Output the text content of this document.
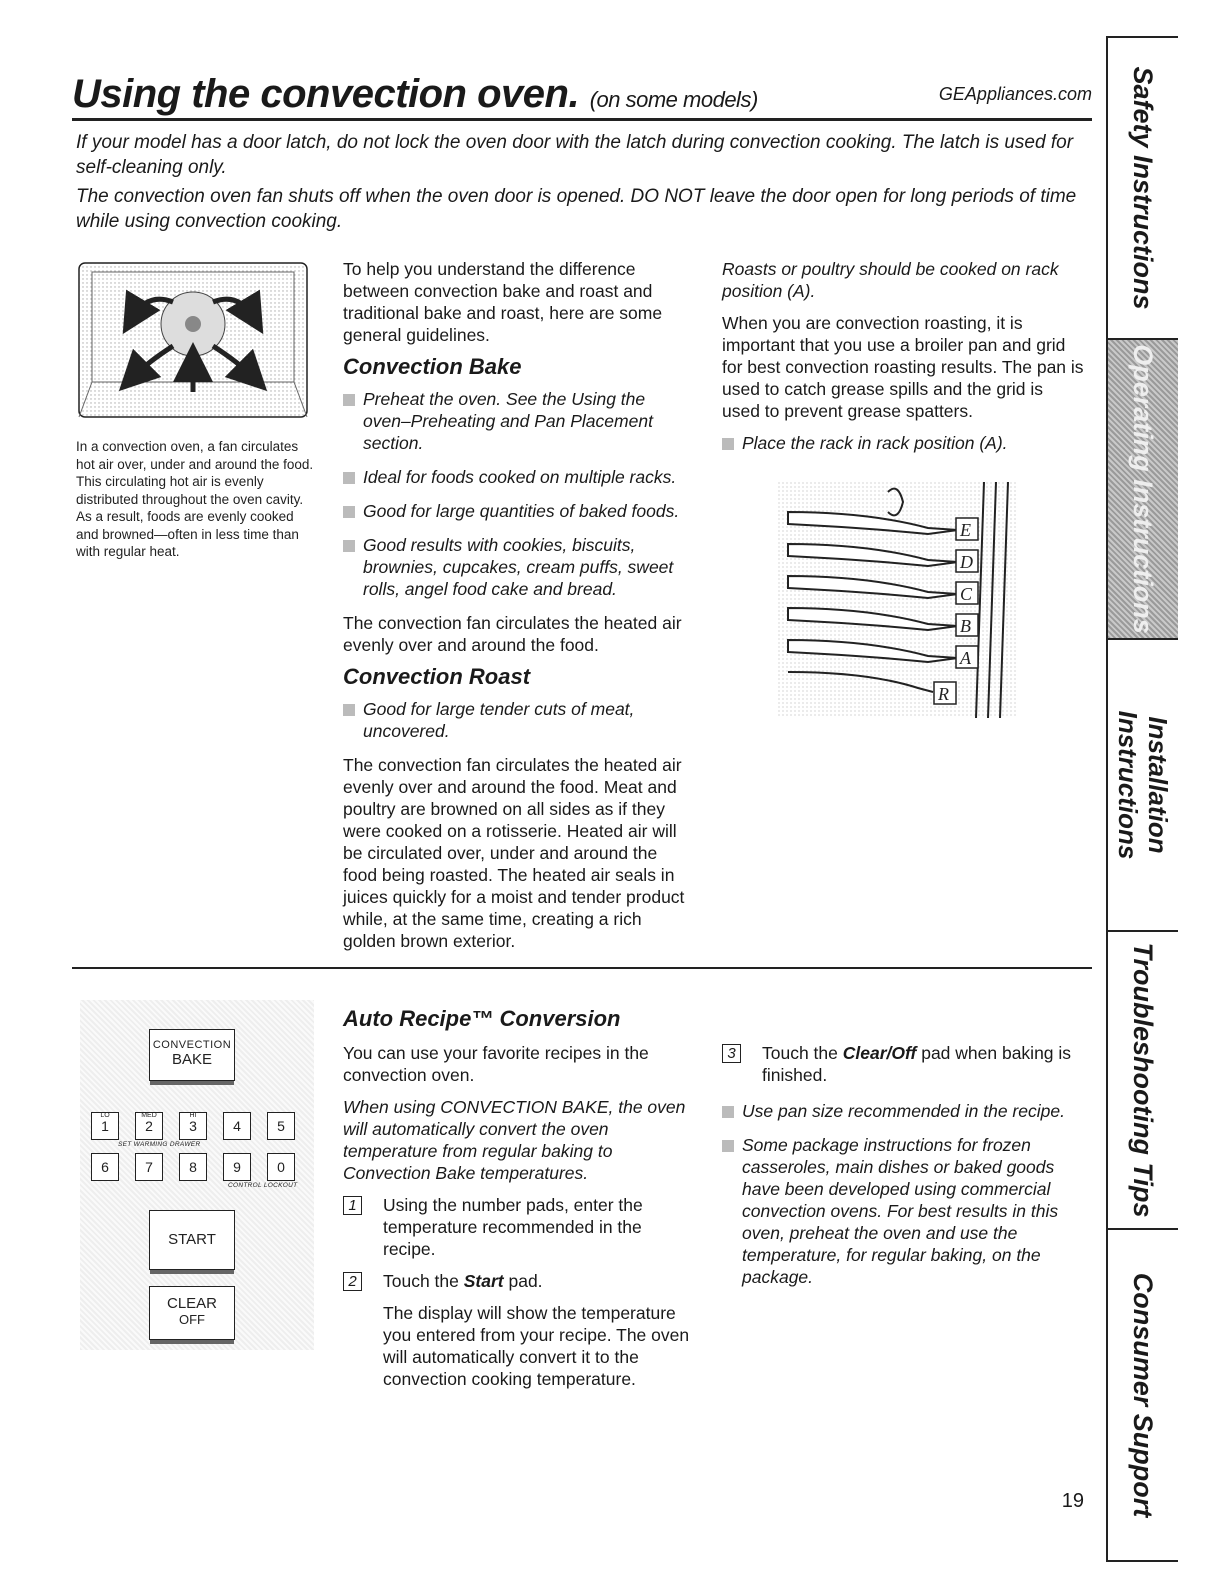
Using the convection oven. (on some models)	GEAppliances.com
If your model has a door latch, do not lock the oven door with the latch during convection cooking. The latch is used for self-cleaning only.
The convection oven fan shuts off when the oven door is opened. DO NOT leave the door open for long periods of time while using convection cooking.
In a convection oven, a fan circulates hot air over, under and around the food. This circulating hot air is evenly distributed throughout the oven cavity. As a result, foods are evenly cooked and browned—often in less time than with regular heat.

To help you understand the difference between convection bake and roast and traditional bake and roast, here are some general guidelines.

Convection Bake
Preheat the oven. See the Using the oven–Preheating and Pan Placement section.
Ideal for foods cooked on multiple racks.
Good for large quantities of baked foods.
Good results with cookies, biscuits, brownies, cupcakes, cream puffs, sweet rolls, angel food cake and bread.

The convection fan circulates the heated air evenly over and around the food.

Convection Roast
Good for large tender cuts of meat, uncovered.

The convection fan circulates the heated air evenly over and around the food. Meat and poultry are browned on all sides as if they were cooked on a rotisserie. Heated air will be circulated over, under and around the food being roasted. The heated air seals in juices quickly for a moist and tender product while, at the same time, creating a rich golden brown exterior.

Roasts or poultry should be cooked on rack position (A).

When you are convection roasting, it is important that you use a broiler pan and grid for best convection roasting results. The pan is used to catch grease spills and the grid is used to prevent grease spatters.

Place the rack in rack position (A).
E
D
C
B
A
R
CONVECTION
BAKE
LO
1
MED
2
HI
3	4	5
SET WARMING DRAWER
6	7	8	9	0
CONTROL LOCKOUT
START
CLEAR
OFF
Auto Recipe™ Conversion

You can use your favorite recipes in the convection oven.

When using CONVECTION BAKE, the oven will automatically convert the oven temperature from regular baking to Convection Bake temperatures.

1	Using the number pads, enter the temperature recommended in the recipe.
2	Touch the Start pad.

The display will show the temperature you entered from your recipe. The oven will automatically convert it to the convection cooking temperature.

3	Touch the Clear/Off pad when baking is finished.
Use pan size recommended in the recipe.
Some package instructions for frozen casseroles, main dishes or baked goods have been developed using commercial convection ovens. For best results in this oven, preheat the oven and use the temperature, for regular baking, on the package.
Safety Instructions
Operating Instructions
Installation Instructions
Troubleshooting Tips
Consumer Support
19
